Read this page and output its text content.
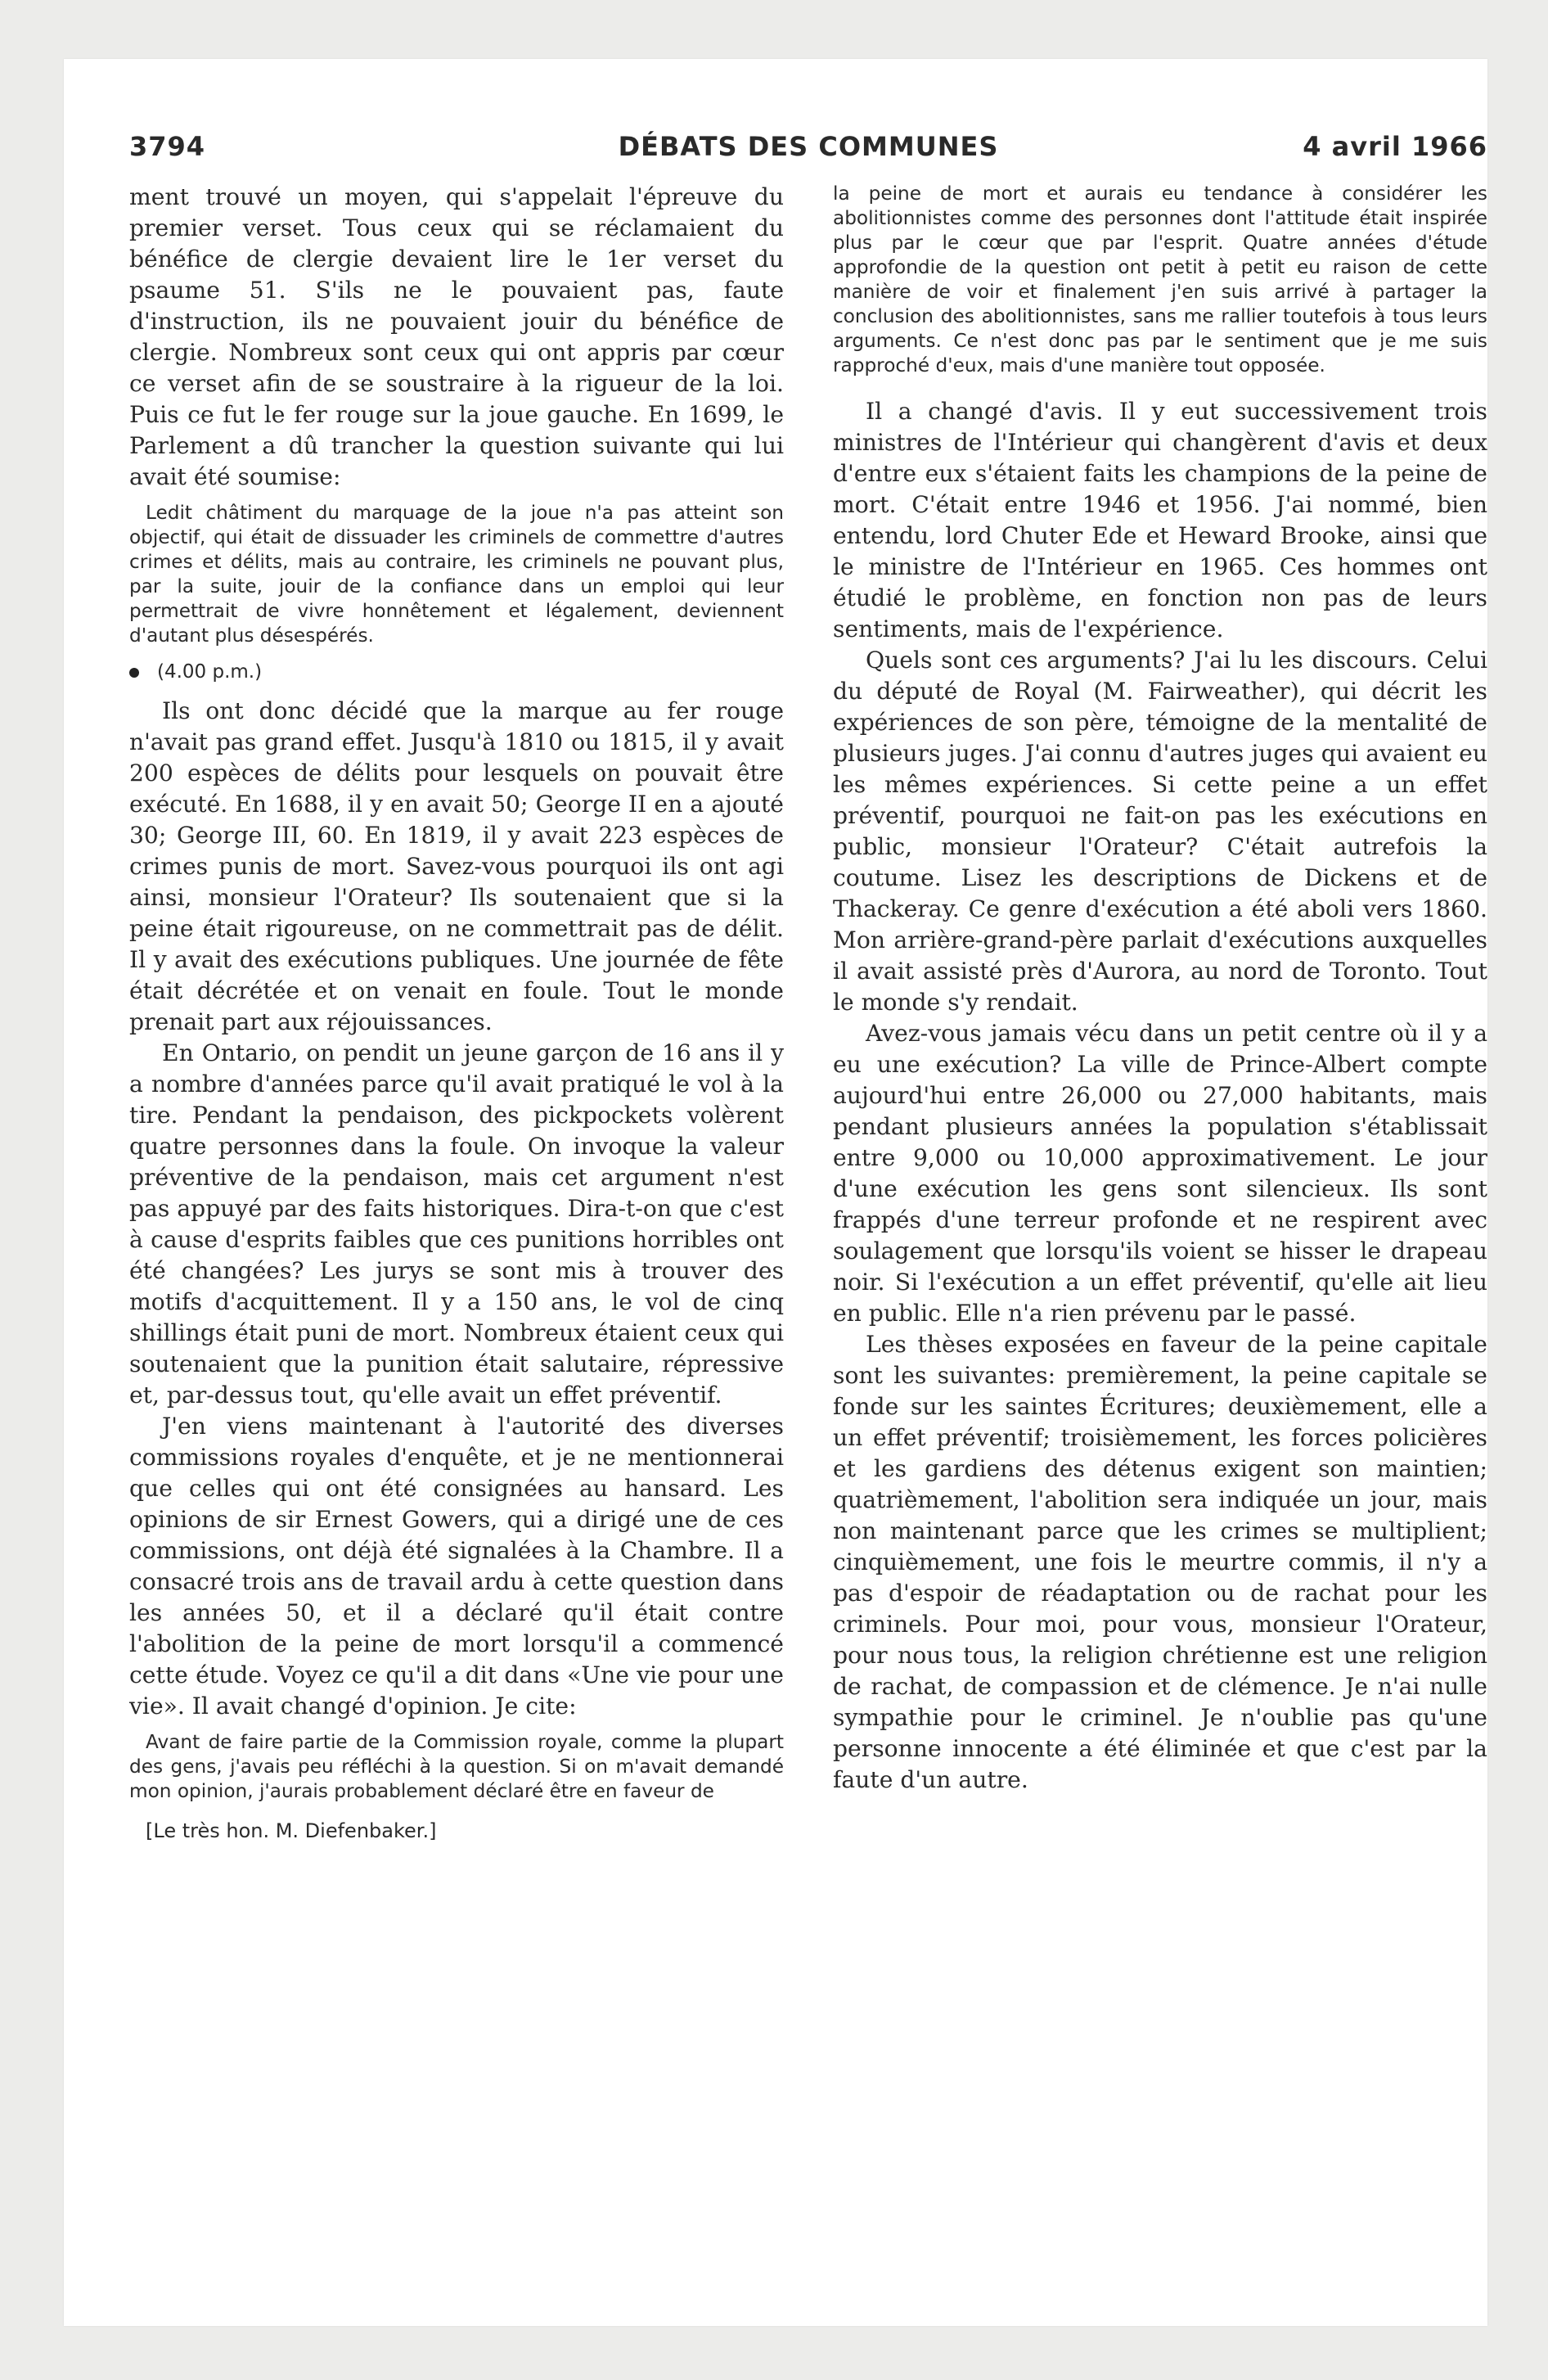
3794	DÉBATS DES COMMUNES	4 avril 1966

ment trouvé un moyen, qui s'appelait l'épreuve du premier verset. Tous ceux qui se réclamaient du bénéfice de clergie devaient lire le 1er verset du psaume 51. S'ils ne le pouvaient pas, faute d'instruction, ils ne pouvaient jouir du bénéfice de clergie. Nombreux sont ceux qui ont appris par cœur ce verset afin de se soustraire à la rigueur de la loi. Puis ce fut le fer rouge sur la joue gauche. En 1699, le Parlement a dû trancher la question suivante qui lui avait été soumise:

Ledit châtiment du marquage de la joue n'a pas atteint son objectif, qui était de dissuader les criminels de commettre d'autres crimes et délits, mais au contraire, les criminels ne pouvant plus, par la suite, jouir de la confiance dans un emploi qui leur permettrait de vivre honnêtement et légalement, deviennent d'autant plus désespérés.

(4.00 p.m.)

Ils ont donc décidé que la marque au fer rouge n'avait pas grand effet. Jusqu'à 1810 ou 1815, il y avait 200 espèces de délits pour lesquels on pouvait être exécuté. En 1688, il y en avait 50; George II en a ajouté 30; George III, 60. En 1819, il y avait 223 espèces de crimes punis de mort. Savez-vous pourquoi ils ont agi ainsi, monsieur l'Orateur? Ils soutenaient que si la peine était rigoureuse, on ne commettrait pas de délit. Il y avait des exécutions publiques. Une journée de fête était décrétée et on venait en foule. Tout le monde prenait part aux réjouissances.

En Ontario, on pendit un jeune garçon de 16 ans il y a nombre d'années parce qu'il avait pratiqué le vol à la tire. Pendant la pendaison, des pickpockets volèrent quatre personnes dans la foule. On invoque la valeur préventive de la pendaison, mais cet argument n'est pas appuyé par des faits historiques. Dira-t-on que c'est à cause d'esprits faibles que ces punitions horribles ont été changées? Les jurys se sont mis à trouver des motifs d'acquittement. Il y a 150 ans, le vol de cinq shillings était puni de mort. Nombreux étaient ceux qui soutenaient que la punition était salutaire, répressive et, par-dessus tout, qu'elle avait un effet préventif.

J'en viens maintenant à l'autorité des diverses commissions royales d'enquête, et je ne mentionnerai que celles qui ont été consignées au hansard. Les opinions de sir Ernest Gowers, qui a dirigé une de ces commissions, ont déjà été signalées à la Chambre. Il a consacré trois ans de travail ardu à cette question dans les années 50, et il a déclaré qu'il était contre l'abolition de la peine de mort lorsqu'il a commencé cette étude. Voyez ce qu'il a dit dans «Une vie pour une vie». Il avait changé d'opinion. Je cite:

Avant de faire partie de la Commission royale, comme la plupart des gens, j'avais peu réfléchi à la question. Si on m'avait demandé mon opinion, j'aurais probablement déclaré être en faveur de

[Le très hon. M. Diefenbaker.]

la peine de mort et aurais eu tendance à considérer les abolitionnistes comme des personnes dont l'attitude était inspirée plus par le cœur que par l'esprit. Quatre années d'étude approfondie de la question ont petit à petit eu raison de cette manière de voir et finalement j'en suis arrivé à partager la conclusion des abolitionnistes, sans me rallier toutefois à tous leurs arguments. Ce n'est donc pas par le sentiment que je me suis rapproché d'eux, mais d'une manière tout opposée.

Il a changé d'avis. Il y eut successivement trois ministres de l'Intérieur qui changèrent d'avis et deux d'entre eux s'étaient faits les champions de la peine de mort. C'était entre 1946 et 1956. J'ai nommé, bien entendu, lord Chuter Ede et Heward Brooke, ainsi que le ministre de l'Intérieur en 1965. Ces hommes ont étudié le problème, en fonction non pas de leurs sentiments, mais de l'expérience.

Quels sont ces arguments? J'ai lu les discours. Celui du député de Royal (M. Fairweather), qui décrit les expériences de son père, témoigne de la mentalité de plusieurs juges. J'ai connu d'autres juges qui avaient eu les mêmes expériences. Si cette peine a un effet préventif, pourquoi ne fait-on pas les exécutions en public, monsieur l'Orateur? C'était autrefois la coutume. Lisez les descriptions de Dickens et de Thackeray. Ce genre d'exécution a été aboli vers 1860. Mon arrière-grand-père parlait d'exécutions auxquelles il avait assisté près d'Aurora, au nord de Toronto. Tout le monde s'y rendait.

Avez-vous jamais vécu dans un petit centre où il y a eu une exécution? La ville de Prince-Albert compte aujourd'hui entre 26,000 ou 27,000 habitants, mais pendant plusieurs années la population s'établissait entre 9,000 ou 10,000 approximativement. Le jour d'une exécution les gens sont silencieux. Ils sont frappés d'une terreur profonde et ne respirent avec soulagement que lorsqu'ils voient se hisser le drapeau noir. Si l'exécution a un effet préventif, qu'elle ait lieu en public. Elle n'a rien prévenu par le passé.

Les thèses exposées en faveur de la peine capitale sont les suivantes: premièrement, la peine capitale se fonde sur les saintes Écritures; deuxièmement, elle a un effet préventif; troisièmement, les forces policières et les gardiens des détenus exigent son maintien; quatrièmement, l'abolition sera indiquée un jour, mais non maintenant parce que les crimes se multiplient; cinquièmement, une fois le meurtre commis, il n'y a pas d'espoir de réadaptation ou de rachat pour les criminels. Pour moi, pour vous, monsieur l'Orateur, pour nous tous, la religion chrétienne est une religion de rachat, de compassion et de clémence. Je n'ai nulle sympathie pour le criminel. Je n'oublie pas qu'une personne innocente a été éliminée et que c'est par la faute d'un autre.
